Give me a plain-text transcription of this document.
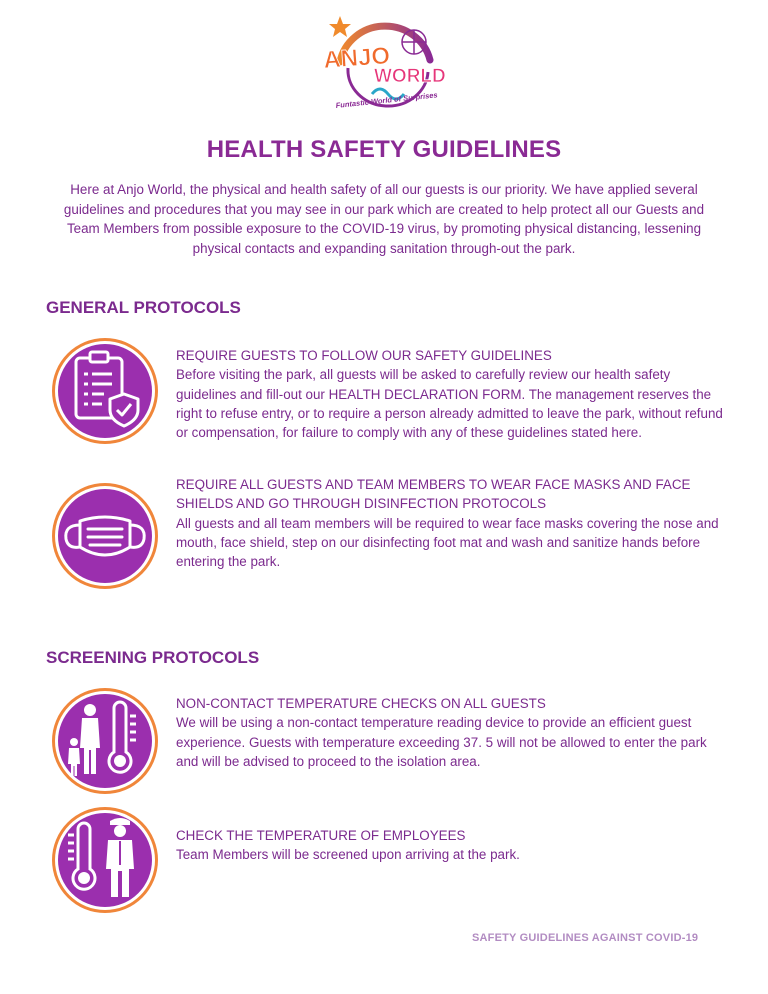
ANJO
WORLD
Funtastic World of Surprises
HEALTH SAFETY GUIDELINES
Here at Anjo World, the physical and health safety of all our guests is our priority. We have applied several guidelines and procedures that you may see in our park which are created to help protect all our Guests and Team Members from possible exposure to the COVID-19 virus, by promoting physical distancing, lessening physical contacts and expanding sanitation through-out the park.
GENERAL PROTOCOLS
REQUIRE GUESTS TO FOLLOW OUR SAFETY GUIDELINES
Before visiting the park, all guests will be asked to carefully review our health safety guidelines and fill-out our HEALTH DECLARATION FORM. The management reserves the right to refuse entry, or to require a person already admitted to leave the park, without refund or compensation, for failure to comply with any of these guidelines stated here.
REQUIRE ALL GUESTS AND TEAM MEMBERS TO WEAR FACE MASKS AND FACE SHIELDS AND GO THROUGH DISINFECTION PROTOCOLS
All guests and all team members will be required to wear face masks covering the nose and mouth, face shield, step on our disinfecting foot mat and wash and sanitize hands before entering the park.
SCREENING PROTOCOLS
NON-CONTACT TEMPERATURE CHECKS ON ALL GUESTS
We will be using a non-contact temperature reading device to provide an efficient guest experience. Guests with temperature exceeding 37. 5 will not be allowed to enter the park and will be advised to proceed to the isolation area.
CHECK THE TEMPERATURE OF EMPLOYEES
Team Members will be screened upon arriving at the park.
SAFETY GUIDELINES AGAINST COVID-19
